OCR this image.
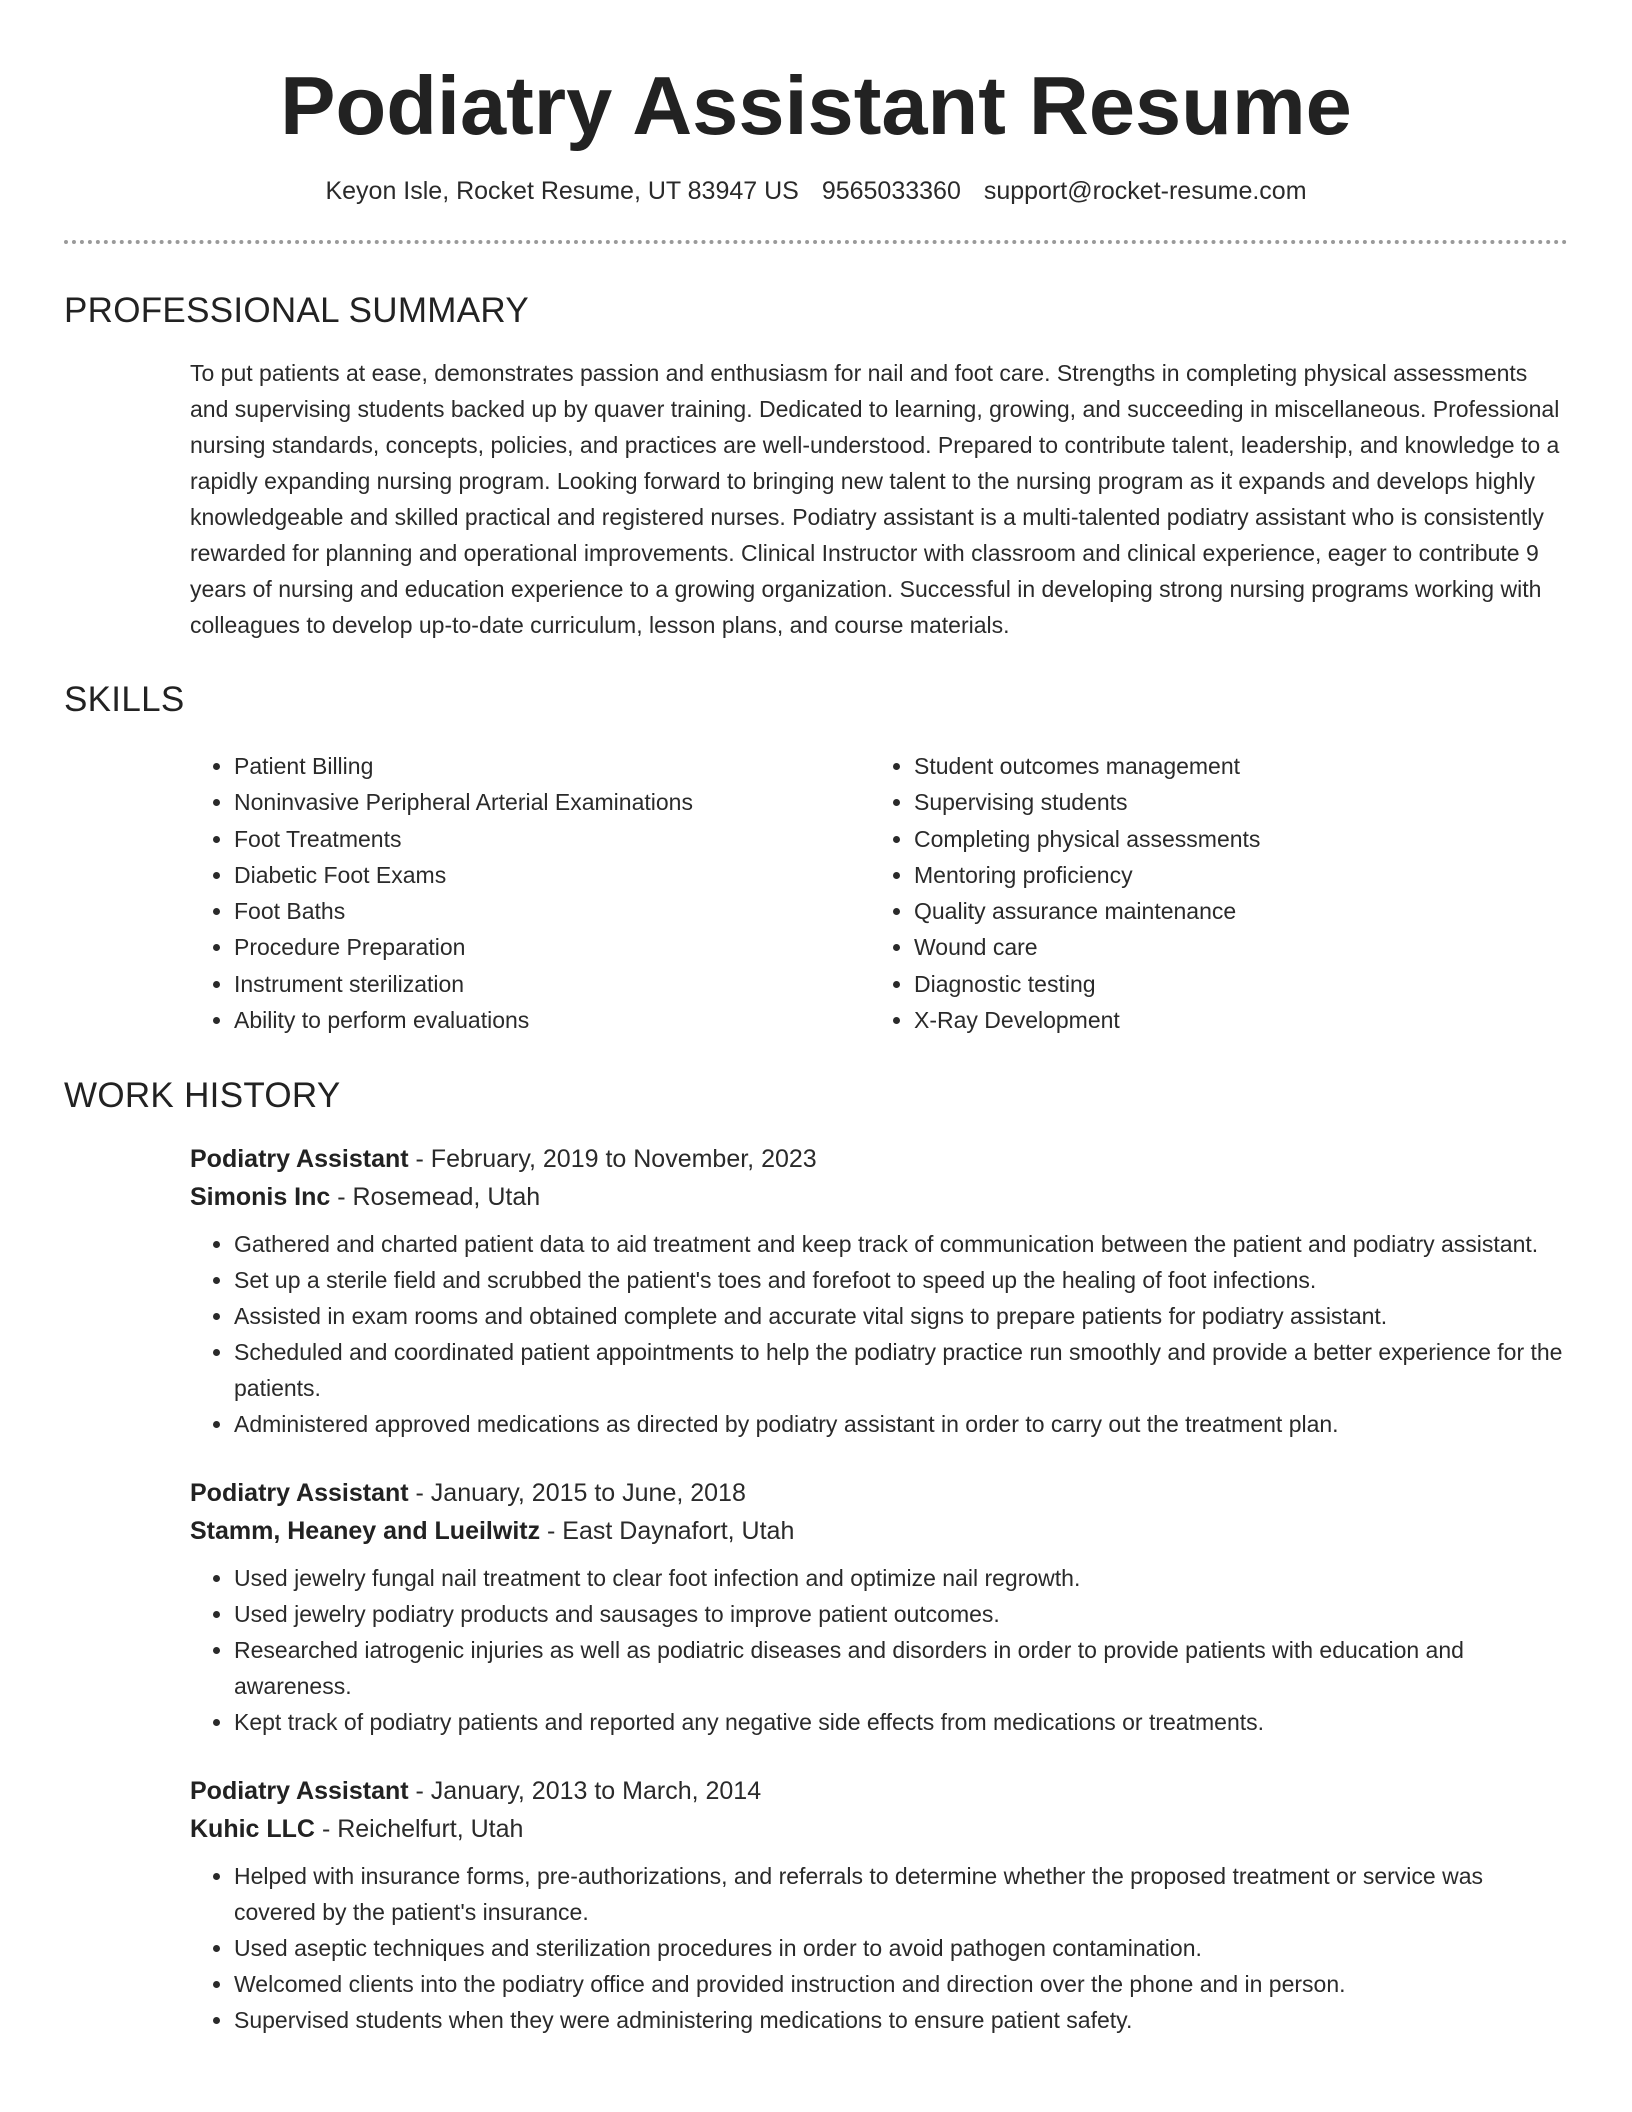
Podiatry Assistant Resume
Keyon Isle, Rocket Resume, UT 83947 US 9565033360 support@rocket-resume.com
PROFESSIONAL SUMMARY

To put patients at ease, demonstrates passion and enthusiasm for nail and foot care. Strengths in completing physical assessments and supervising students backed up by quaver training. Dedicated to learning, growing, and succeeding in miscellaneous. Professional nursing standards, concepts, policies, and practices are well-understood. Prepared to contribute talent, leadership, and knowledge to a rapidly expanding nursing program. Looking forward to bringing new talent to the nursing program as it expands and develops highly knowledgeable and skilled practical and registered nurses. Podiatry assistant is a multi-talented podiatry assistant who is consistently rewarded for planning and operational improvements. Clinical Instructor with classroom and clinical experience, eager to contribute 9 years of nursing and education experience to a growing organization. Successful in developing strong nursing programs working with colleagues to develop up-to-date curriculum, lesson plans, and course materials.

SKILLS
• Patient Billing
• Noninvasive Peripheral Arterial Examinations
• Foot Treatments
• Diabetic Foot Exams
• Foot Baths
• Procedure Preparation
• Instrument sterilization
• Ability to perform evaluations
• Student outcomes management
• Supervising students
• Completing physical assessments
• Mentoring proficiency
• Quality assurance maintenance
• Wound care
• Diagnostic testing
• X-Ray Development
WORK HISTORY
Podiatry Assistant - February, 2019 to November, 2023
Simonis Inc - Rosemead, Utah
• Gathered and charted patient data to aid treatment and keep track of communication between the patient and podiatry assistant.
• Set up a sterile field and scrubbed the patient's toes and forefoot to speed up the healing of foot infections.
• Assisted in exam rooms and obtained complete and accurate vital signs to prepare patients for podiatry assistant.
• Scheduled and coordinated patient appointments to help the podiatry practice run smoothly and provide a better experience for the patients.
• Administered approved medications as directed by podiatry assistant in order to carry out the treatment plan.
Podiatry Assistant - January, 2015 to June, 2018
Stamm, Heaney and Lueilwitz - East Daynafort, Utah
• Used jewelry fungal nail treatment to clear foot infection and optimize nail regrowth.
• Used jewelry podiatry products and sausages to improve patient outcomes.
• Researched iatrogenic injuries as well as podiatric diseases and disorders in order to provide patients with education and awareness.
• Kept track of podiatry patients and reported any negative side effects from medications or treatments.
Podiatry Assistant - January, 2013 to March, 2014
Kuhic LLC - Reichelfurt, Utah
• Helped with insurance forms, pre-authorizations, and referrals to determine whether the proposed treatment or service was covered by the patient's insurance.
• Used aseptic techniques and sterilization procedures in order to avoid pathogen contamination.
• Welcomed clients into the podiatry office and provided instruction and direction over the phone and in person.
• Supervised students when they were administering medications to ensure patient safety.
